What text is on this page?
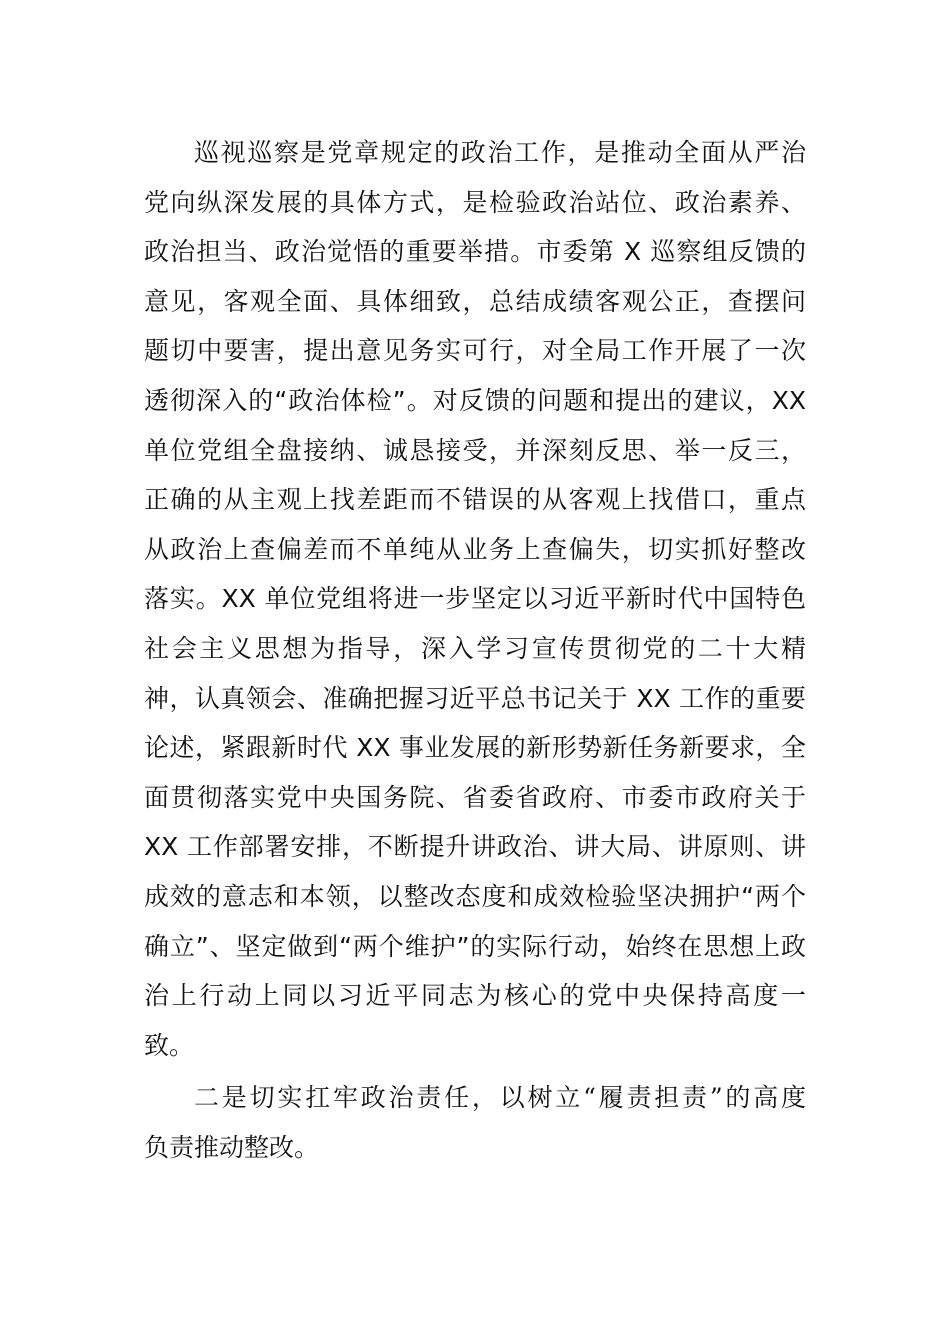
巡视巡察是党章规定的政治工作，是推动全面从严治
党向纵深发展的具体方式，是检验政治站位、政治素养、
政治担当、政治觉悟的重要举措。市委第 X 巡察组反馈的
意见，客观全面、具体细致，总结成绩客观公正，查摆问
题切中要害，提出意见务实可行，对全局工作开展了一次
透彻深入的“政治体检”。对反馈的问题和提出的建议，XX
单位党组全盘接纳、诚恳接受，并深刻反思、举一反三，
正确的从主观上找差距而不错误的从客观上找借口，重点
从政治上查偏差而不单纯从业务上查偏失，切实抓好整改
落实。XX 单位党组将进一步坚定以习近平新时代中国特色
社会主义思想为指导，深入学习宣传贯彻党的二十大精
神，认真领会、准确把握习近平总书记关于 XX 工作的重要
论述，紧跟新时代 XX 事业发展的新形势新任务新要求，全
面贯彻落实党中央国务院、省委省政府、市委市政府关于
XX 工作部署安排，不断提升讲政治、讲大局、讲原则、讲
成效的意志和本领，以整改态度和成效检验坚决拥护“两个
确立”、坚定做到“两个维护”的实际行动，始终在思想上政
治上行动上同以习近平同志为核心的党中央保持高度一
致。

二是切实扛牢政治责任，以树立“履责担责”的高度
负责推动整改。
